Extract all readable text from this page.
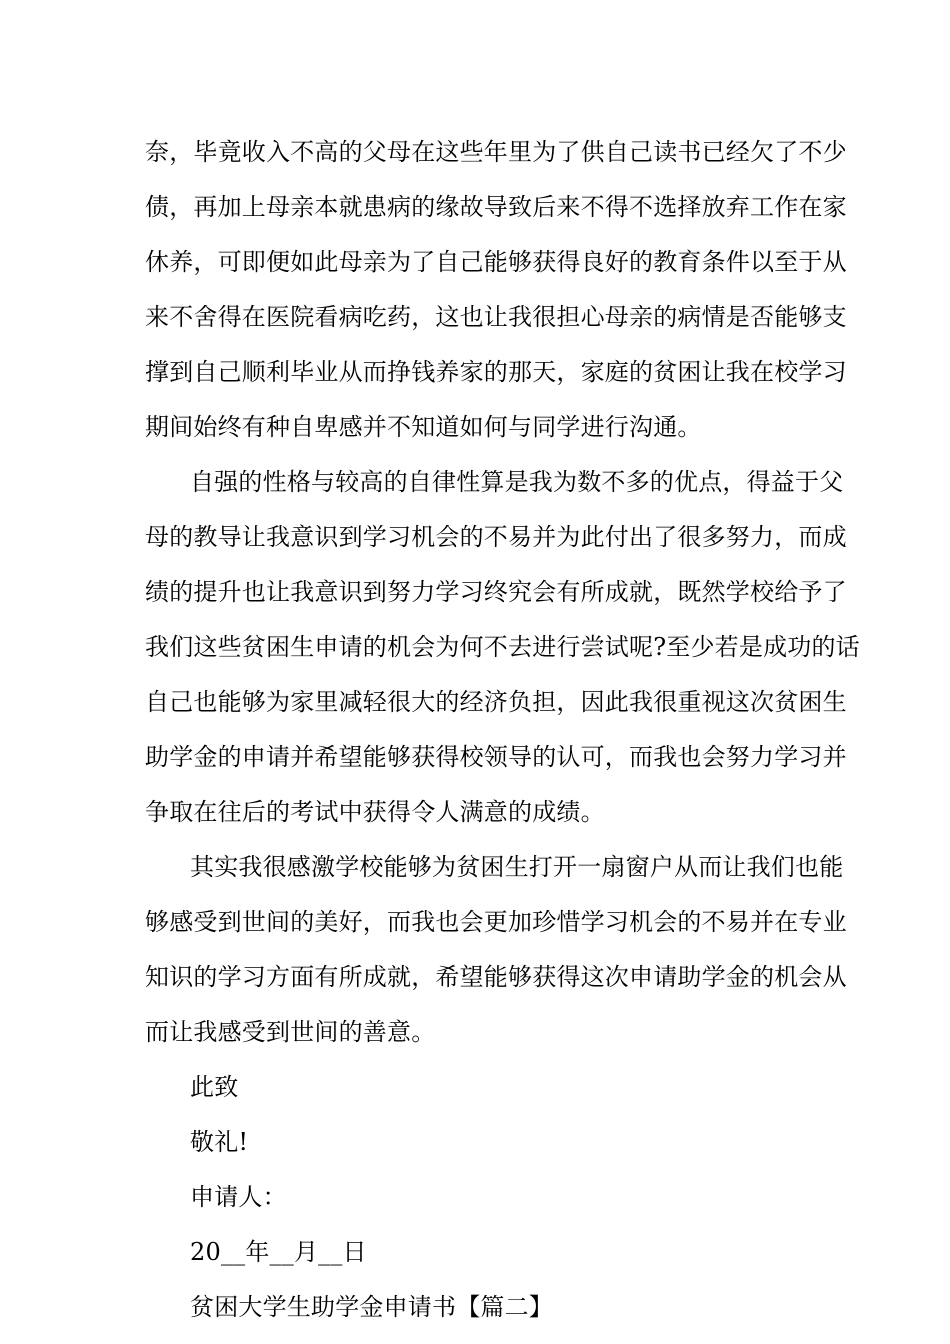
奈，毕竟收入不高的父母在这些年里为了供自己读书已经欠了不少
债，再加上母亲本就患病的缘故导致后来不得不选择放弃工作在家
休养，可即便如此母亲为了自己能够获得良好的教育条件以至于从
来不舍得在医院看病吃药，这也让我很担心母亲的病情是否能够支
撑到自己顺利毕业从而挣钱养家的那天，家庭的贫困让我在校学习
期间始终有种自卑感并不知道如何与同学进行沟通。
自强的性格与较高的自律性算是我为数不多的优点，得益于父
母的教导让我意识到学习机会的不易并为此付出了很多努力，而成
绩的提升也让我意识到努力学习终究会有所成就，既然学校给予了
我们这些贫困生申请的机会为何不去进行尝试呢?至少若是成功的话
自己也能够为家里减轻很大的经济负担，因此我很重视这次贫困生
助学金的申请并希望能够获得校领导的认可，而我也会努力学习并
争取在往后的考试中获得令人满意的成绩。
其实我很感激学校能够为贫困生打开一扇窗户从而让我们也能
够感受到世间的美好，而我也会更加珍惜学习机会的不易并在专业
知识的学习方面有所成就，希望能够获得这次申请助学金的机会从
而让我感受到世间的善意。
此致
敬礼!
申请人：
20__年__月__日
贫困大学生助学金申请书【篇二】
